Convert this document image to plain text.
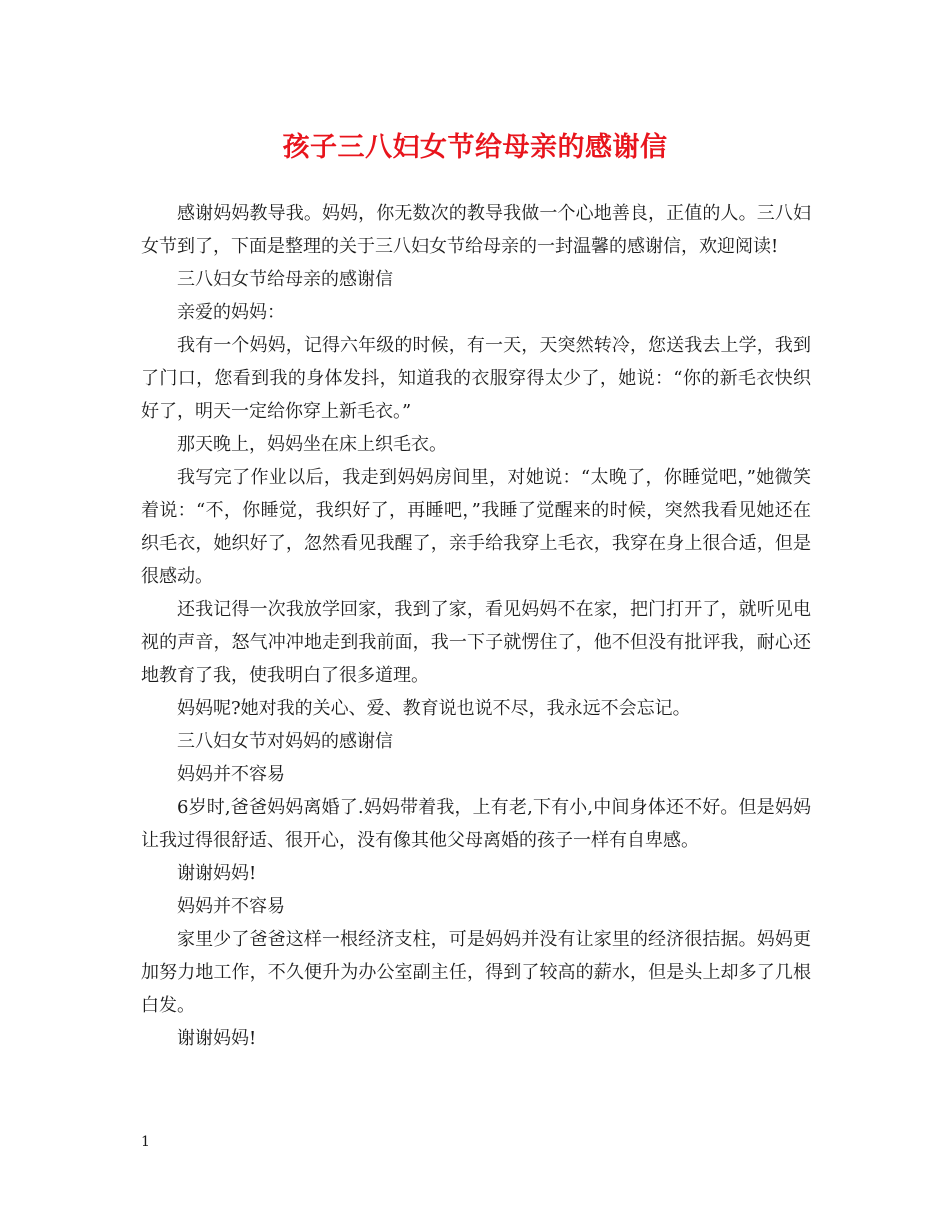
孩子三八妇女节给母亲的感谢信

感谢妈妈教导我。妈妈，你无数次的教导我做一个心地善良，正值的人。三八妇女节到了，下面是整理的关于三八妇女节给母亲的一封温馨的感谢信，欢迎阅读!

三八妇女节给母亲的感谢信

亲爱的妈妈：

我有一个妈妈，记得六年级的时候，有一天，天突然转冷，您送我去上学，我到了门口，您看到我的身体发抖，知道我的衣服穿得太少了，她说：“你的新毛衣快织好了，明天一定给你穿上新毛衣。”

那天晚上，妈妈坐在床上织毛衣。

我写完了作业以后，我走到妈妈房间里，对她说：“太晚了，你睡觉吧，”她微笑着说：“不，你睡觉，我织好了，再睡吧，”我睡了觉醒来的时候，突然我看见她还在织毛衣，她织好了，忽然看见我醒了，亲手给我穿上毛衣，我穿在身上很合适，但是很感动。

还我记得一次我放学回家，我到了家，看见妈妈不在家，把门打开了，就听见电视的声音，怒气冲冲地走到我前面，我一下子就愣住了，他不但没有批评我，耐心还地教育了我，使我明白了很多道理。

妈妈呢?她对我的关心、爱、教育说也说不尽，我永远不会忘记。

三八妇女节对妈妈的感谢信

妈妈并不容易

6岁时,爸爸妈妈离婚了.妈妈带着我，上有老,下有小,中间身体还不好。但是妈妈让我过得很舒适、很开心，没有像其他父母离婚的孩子一样有自卑感。

谢谢妈妈!

妈妈并不容易

家里少了爸爸这样一根经济支柱，可是妈妈并没有让家里的经济很拮据。妈妈更加努力地工作，不久便升为办公室副主任，得到了较高的薪水，但是头上却多了几根白发。

谢谢妈妈!

1
